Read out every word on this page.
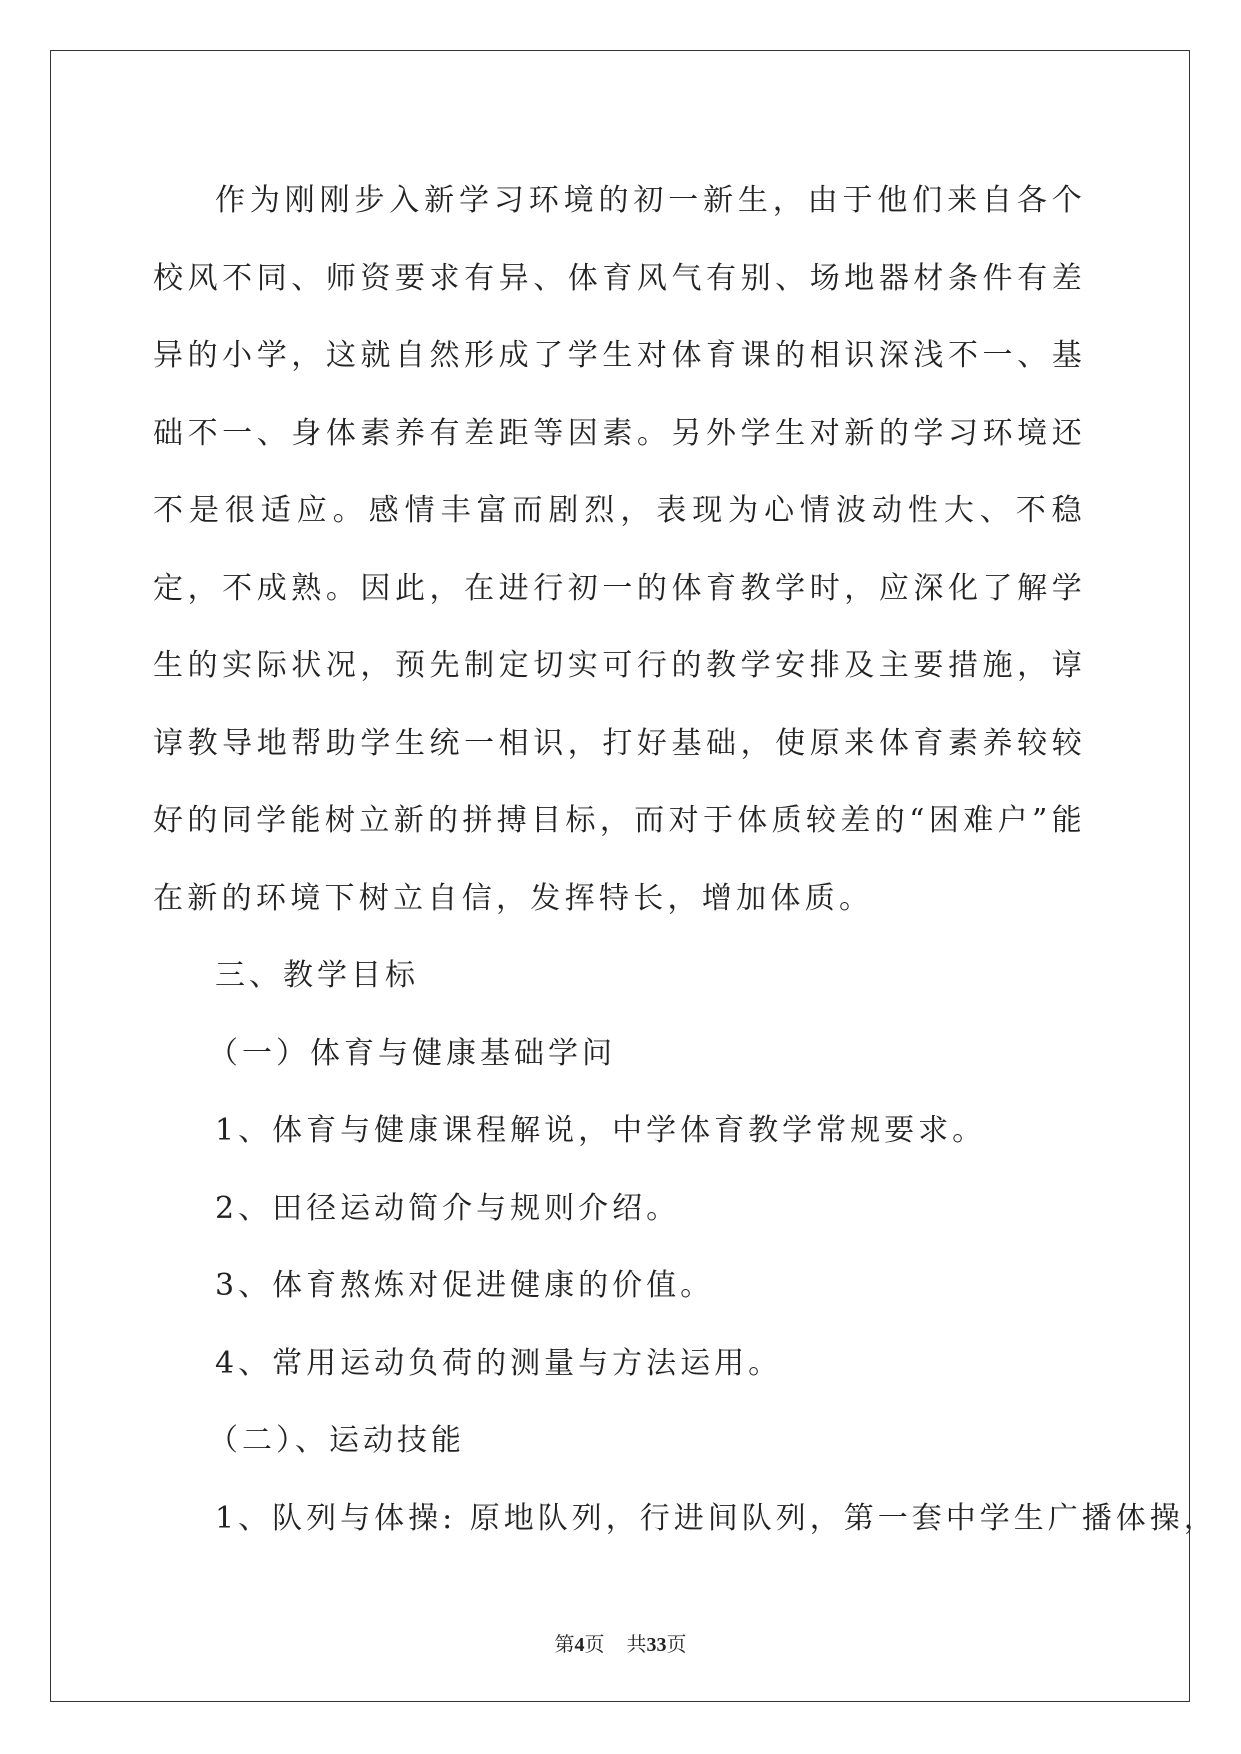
作为刚刚步入新学习环境的初一新生，由于他们来自各个校风不同、师资要求有异、体育风气有别、场地器材条件有差异的小学，这就自然形成了学生对体育课的相识深浅不一、基础不一、身体素养有差距等因素。另外学生对新的学习环境还不是很适应。感情丰富而剧烈，表现为心情波动性大、不稳定，不成熟。因此，在进行初一的体育教学时，应深化了解学生的实际状况，预先制定切实可行的教学安排及主要措施，谆谆教导地帮助学生统一相识，打好基础，使原来体育素养较较好的同学能树立新的拼搏目标，而对于体质较差的“困难户”能在新的环境下树立自信，发挥特长，增加体质。

三、教学目标

（一）体育与健康基础学问

1、体育与健康课程解说，中学体育教学常规要求。

2、田径运动简介与规则介绍。

3、体育熬炼对促进健康的价值。

4、常用运动负荷的测量与方法运用。

（二）、运动技能

1、队列与体操: 原地队列，行进间队列，第一套中学生广播体操，

第4页 共33页
